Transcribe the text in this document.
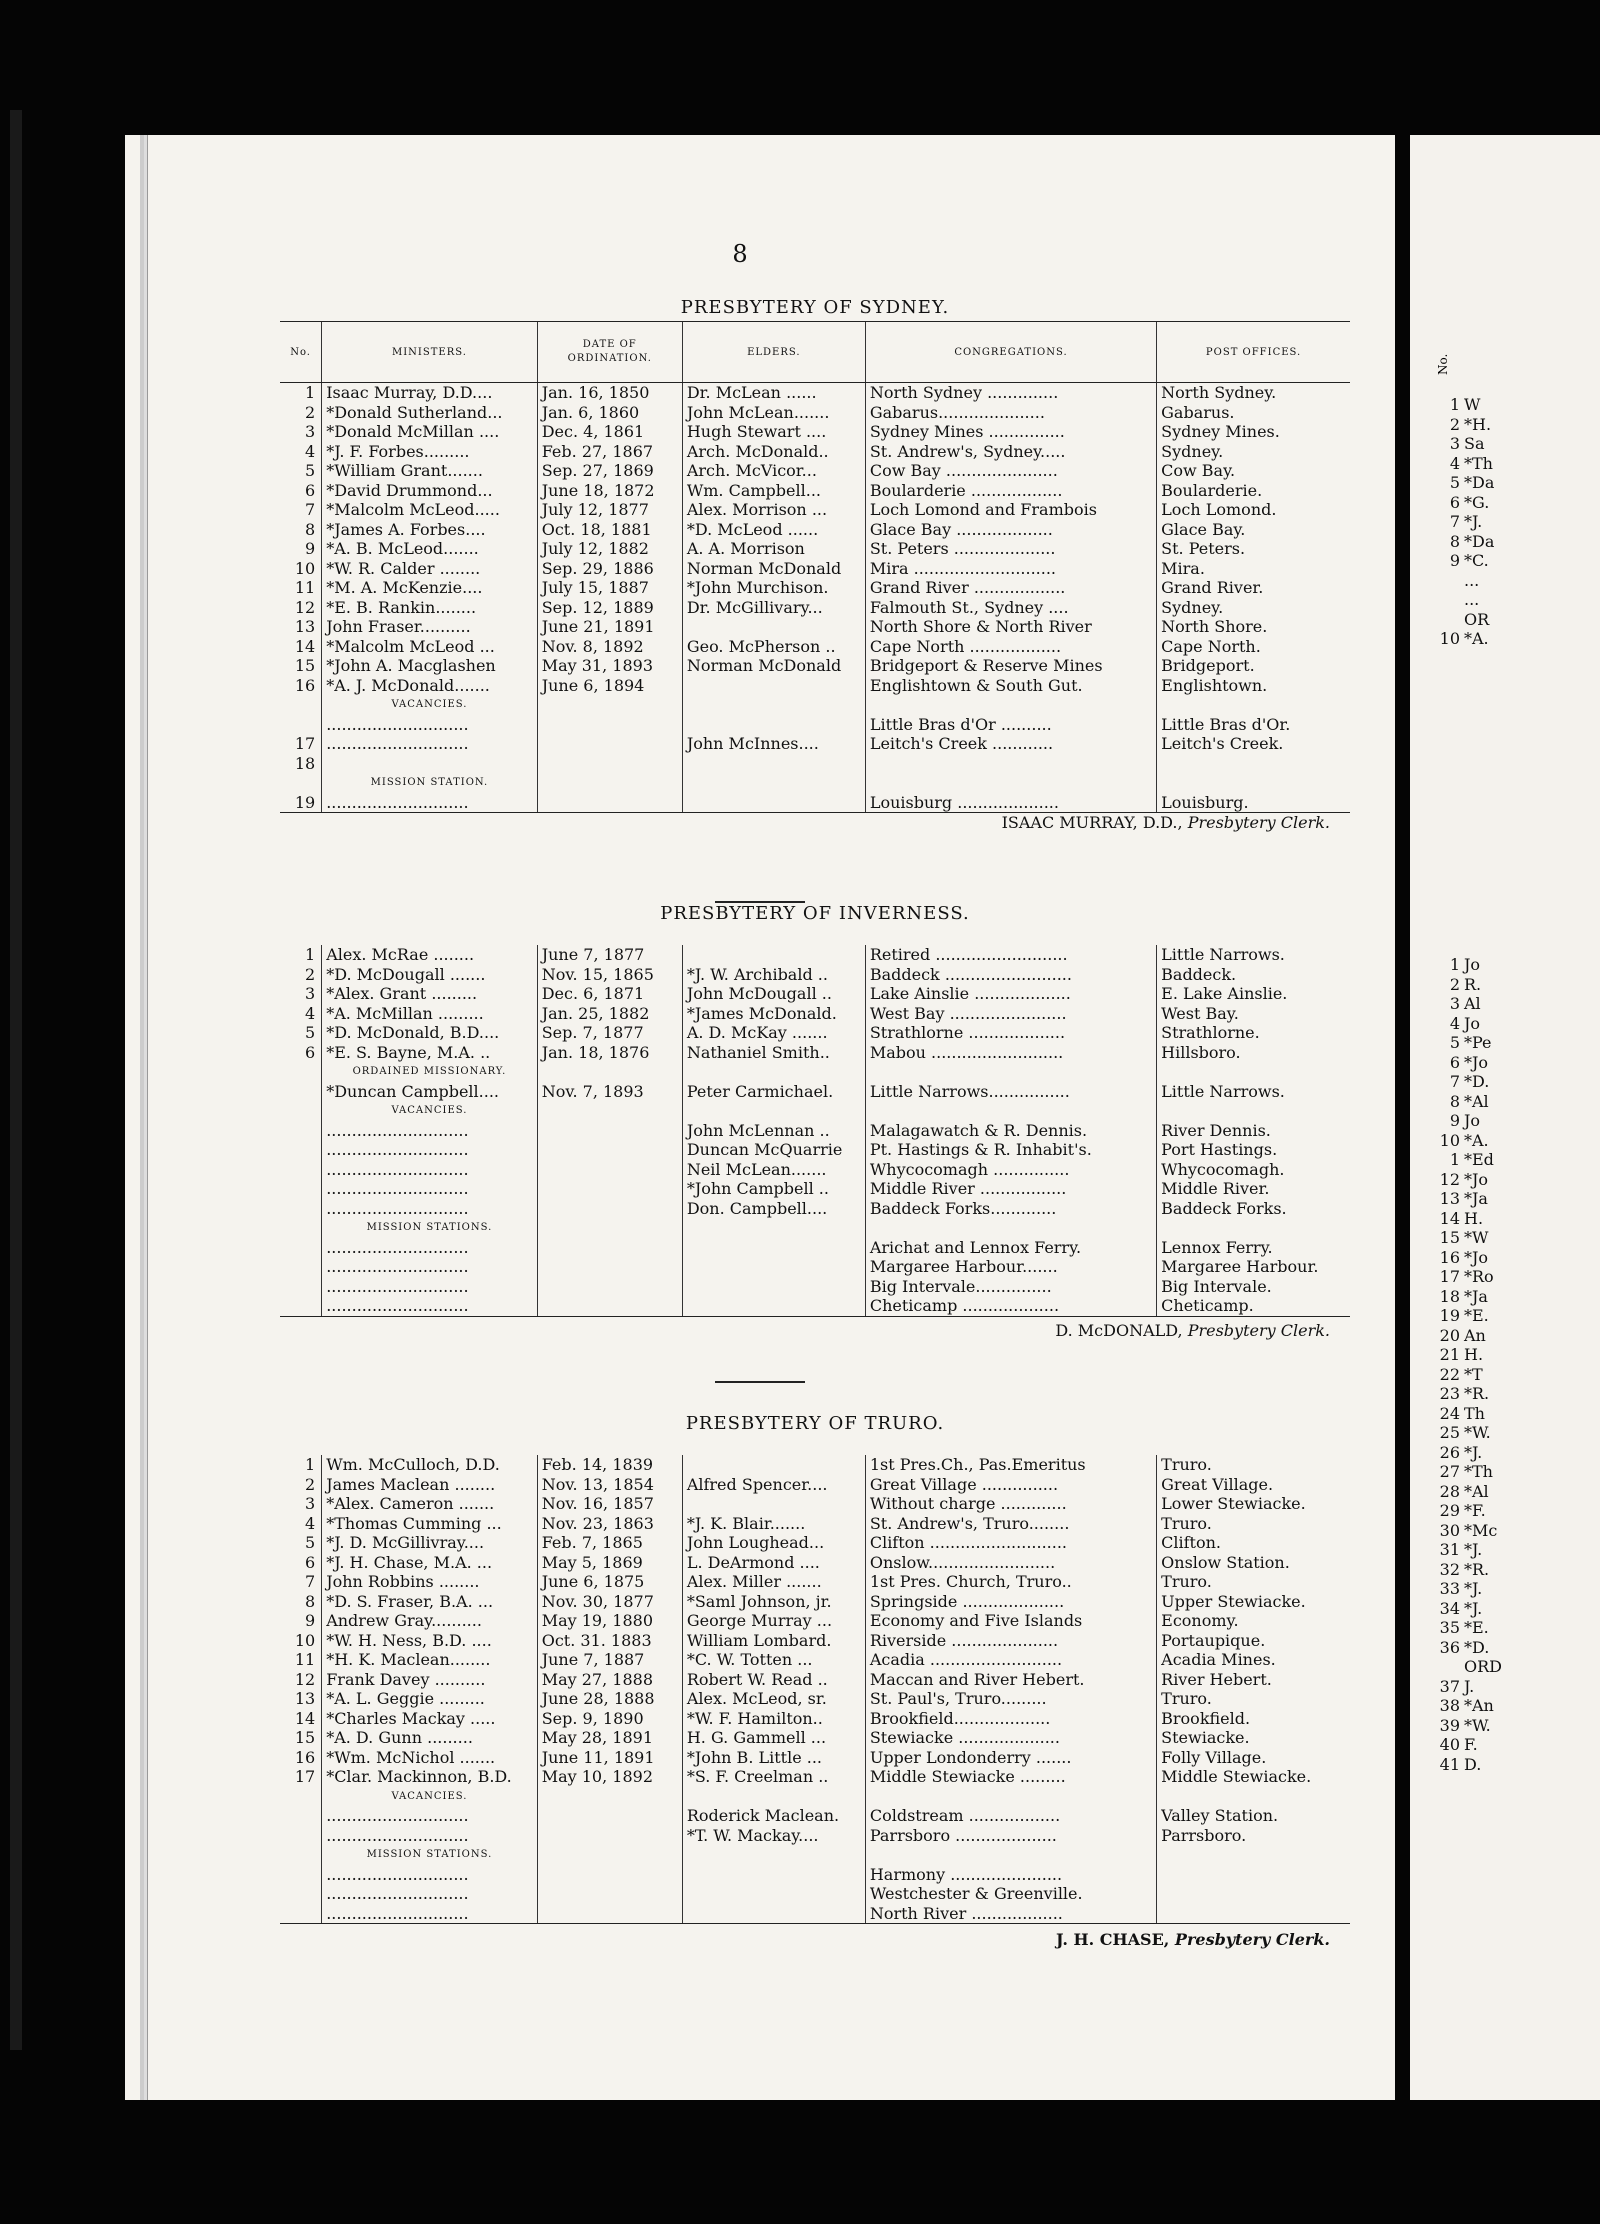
8
PRESBYTERY OF SYDNEY.
No.	MINISTERS.	DATE OF ORDINATION.	ELDERS.	CONGREGATIONS.	POST OFFICES.
1	Isaac Murray, D.D....	Jan. 16, 1850	Dr. McLean ......	North Sydney ..............	North Sydney.
2	*Donald Sutherland...	Jan. 6, 1860	John McLean.......	Gabarus.....................	Gabarus.
3	*Donald McMillan ....	Dec. 4, 1861	Hugh Stewart ....	Sydney Mines ...............	Sydney Mines.
4	*J. F. Forbes.........	Feb. 27, 1867	Arch. McDonald..	St. Andrew's, Sydney.....	Sydney.
5	*William Grant.......	Sep. 27, 1869	Arch. McVicor...	Cow Bay ......................	Cow Bay.
6	*David Drummond...	June 18, 1872	Wm. Campbell...	Boularderie ..................	Boularderie.
7	*Malcolm McLeod.....	July 12, 1877	Alex. Morrison ...	Loch Lomond and Frambois	Loch Lomond.
8	*James A. Forbes....	Oct. 18, 1881	*D. McLeod ......	Glace Bay ...................	Glace Bay.
9	*A. B. McLeod.......	July 12, 1882	A. A. Morrison	St. Peters ....................	St. Peters.
10	*W. R. Calder ........	Sep. 29, 1886	Norman McDonald	Mira ............................	Mira.
11	*M. A. McKenzie....	July 15, 1887	*John Murchison.	Grand River ..................	Grand River.
12	*E. B. Rankin........	Sep. 12, 1889	Dr. McGillivary...	Falmouth St., Sydney ....	Sydney.
13	John Fraser..........	June 21, 1891		North Shore & North River	North Shore.
14	*Malcolm McLeod ...	Nov. 8, 1892	Geo. McPherson ..	Cape North ..................	Cape North.
15	*John A. Macglashen	May 31, 1893	Norman McDonald	Bridgeport & Reserve Mines	Bridgeport.
16	*A. J. McDonald.......	June 6, 1894		Englishtown & South Gut.	Englishtown.
	VACANCIES.				
	............................			Little Bras d'Or ..........	Little Bras d'Or.
17	............................		John McInnes....	Leitch's Creek ............	Leitch's Creek.
18					
	MISSION STATION.				
19	............................			Louisburg ....................	Louisburg.
ISAAC MURRAY, D.D., Presbytery Clerk.
PRESBYTERY OF INVERNESS.
1	Alex. McRae ........	June 7, 1877		Retired ..........................	Little Narrows.
2	*D. McDougall .......	Nov. 15, 1865	*J. W. Archibald ..	Baddeck .........................	Baddeck.
3	*Alex. Grant .........	Dec. 6, 1871	John McDougall ..	Lake Ainslie ...................	E. Lake Ainslie.
4	*A. McMillan .........	Jan. 25, 1882	*James McDonald.	West Bay .......................	West Bay.
5	*D. McDonald, B.D....	Sep. 7, 1877	A. D. McKay .......	Strathlorne ...................	Strathlorne.
6	*E. S. Bayne, M.A. ..	Jan. 18, 1876	Nathaniel Smith..	Mabou ..........................	Hillsboro.
	ORDAINED MISSIONARY.				
	*Duncan Campbell....	Nov. 7, 1893	Peter Carmichael.	Little Narrows................	Little Narrows.
	VACANCIES.				
	............................		John McLennan ..	Malagawatch & R. Dennis.	River Dennis.
	............................		Duncan McQuarrie	Pt. Hastings & R. Inhabit's.	Port Hastings.
	............................		Neil McLean.......	Whycocomagh ...............	Whycocomagh.
	............................		*John Campbell ..	Middle River .................	Middle River.
	............................		Don. Campbell....	Baddeck Forks.............	Baddeck Forks.
	MISSION STATIONS.				
	............................			Arichat and Lennox Ferry.	Lennox Ferry.
	............................			Margaree Harbour.......	Margaree Harbour.
	............................			Big Intervale...............	Big Intervale.
	............................			Cheticamp ...................	Cheticamp.
D. McDONALD, Presbytery Clerk.
PRESBYTERY OF TRURO.
1	Wm. McCulloch, D.D.	Feb. 14, 1839		1st Pres.Ch., Pas.Emeritus	Truro.
2	James Maclean ........	Nov. 13, 1854	Alfred Spencer....	Great Village ...............	Great Village.
3	*Alex. Cameron .......	Nov. 16, 1857		Without charge .............	Lower Stewiacke.
4	*Thomas Cumming ...	Nov. 23, 1863	*J. K. Blair.......	St. Andrew's, Truro........	Truro.
5	*J. D. McGillivray....	Feb. 7, 1865	John Loughead...	Clifton ...........................	Clifton.
6	*J. H. Chase, M.A. ...	May 5, 1869	L. DeArmond ....	Onslow.........................	Onslow Station.
7	John Robbins ........	June 6, 1875	Alex. Miller .......	1st Pres. Church, Truro..	Truro.
8	*D. S. Fraser, B.A. ...	Nov. 30, 1877	*Saml Johnson, jr.	Springside ....................	Upper Stewiacke.
9	Andrew Gray..........	May 19, 1880	George Murray ...	Economy and Five Islands	Economy.
10	*W. H. Ness, B.D. ....	Oct. 31. 1883	William Lombard.	Riverside .....................	Portaupique.
11	*H. K. Maclean........	June 7, 1887	*C. W. Totten ...	Acadia ..........................	Acadia Mines.
12	Frank Davey ..........	May 27, 1888	Robert W. Read ..	Maccan and River Hebert.	River Hebert.
13	*A. L. Geggie .........	June 28, 1888	Alex. McLeod, sr.	St. Paul's, Truro.........	Truro.
14	*Charles Mackay .....	Sep. 9, 1890	*W. F. Hamilton..	Brookfield...................	Brookfield.
15	*A. D. Gunn .........	May 28, 1891	H. G. Gammell ...	Stewiacke ....................	Stewiacke.
16	*Wm. McNichol .......	June 11, 1891	*John B. Little ...	Upper Londonderry .......	Folly Village.
17	*Clar. Mackinnon, B.D.	May 10, 1892	*S. F. Creelman ..	Middle Stewiacke .........	Middle Stewiacke.
	VACANCIES.				
	............................		Roderick Maclean.	Coldstream ..................	Valley Station.
	............................		*T. W. Mackay....	Parrsboro ....................	Parrsboro.
	MISSION STATIONS.				
	............................			Harmony ......................	
	............................			Westchester & Greenville.	
	............................			North River ..................	
J. H. CHASE, Presbytery Clerk.
No.
1 W
2 *H.
3 Sa
4 *Th
5 *Da
6 *G.
7 *J.
8 *Da
9 *C.
...
...
OR
10 *A.
1 Jo
2 R.
3 Al
4 Jo
5 *Pe
6 *Jo
7 *D.
8 *Al
9 Jo
10 *A.
1 *Ed
12 *Jo
13 *Ja
14 H.
15 *W
16 *Jo
17 *Ro
18 *Ja
19 *E.
20 An
21 H.
22 *T
23 *R.
24 Th
25 *W.
26 *J.
27 *Th
28 *Al
29 *F.
30 *Mc
31 *J.
32 *R.
33 *J.
34 *J.
35 *E.
36 *D.
ORD
37 J.
38 *An
39 *W.
40 F.
41 D.
